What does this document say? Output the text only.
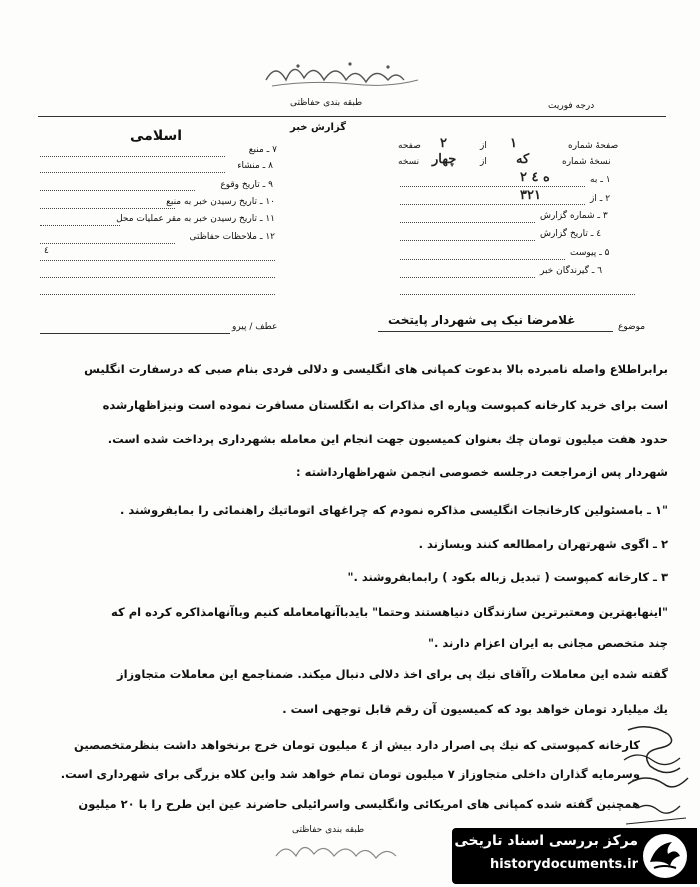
طبقه بندی حفاظتی	درجه فوریت
گزارش خبر
اسلامی
۷ ـ منبع
۸ ـ منشاء
۹ ـ تاریخ وقوع
۱۰ ـ تاریخ رسیدن خبر به منبع
۱۱ ـ تاریخ رسیدن خبر به مقر عملیات محل
۱۲ ـ ملاحظات حفاظتی
٤
صفحهٔ شماره
۱
از
۲
صفحه
نسخهٔ شماره
که
از
چهار
نسخه
۱ ـ به
۲ ه ٤
۲ ـ از
۳۲۱
۳ ـ شماره گزارش
٤ ـ تاریخ گزارش
۵ ـ پیوست
٦ ـ گیرندگان خبر
غلامرضا نیک پی شهردار پایتخت	موضوع
عطف / پیرو
برابراطلاع واصله نامبرده بالا بدعوت کمپانی های انگلیسی و دلالی فردی بنام صبی که درسفارت انگلیس
است برای خرید کارخانه کمپوست وپاره ای مذاکرات به انگلستان مسافرت نموده است ونیزاظهارشده
حدود هفت میلیون تومان چك بعنوان کمیسیون جهت انجام این معامله بشهرداری پرداخت شده است.
شهردار پس ازمراجعت درجلسه خصوصی انجمن شهراظهارداشته :
"۱ ـ بامسئولین کارخانجات انگلیسی مذاکره نمودم که چراغهای اتوماتیك راهنمائی را بمابفروشند .
۲ ـ اگوی شهرتهران رامطالعه کنند وبسازند .
۳ ـ کارخانه کمپوست ( تبدیل زباله بکود ) رابمابفروشند ."
"اینهابهترین ومعتبرترین سازندگان دنیاهستند وحتما" بایدباآنهامعامله کنیم وباآنهامذاکره کرده ام که
چند متخصص مجانی به ایران اعزام دارند ."
گفته شده این معاملات راآقای نیك پی برای اخذ دلالی دنبال میکند. ضمناجمع این معاملات متجاوزاز
یك میلیارد تومان خواهد بود که کمیسیون آن رقم قابل توجهی است .
کارخانه کمپوستی که نیك پی اصرار دارد بیش از ٤ میلیون تومان خرج برنخواهد داشت بنظرمتخصصین
وسرمایه گذاران داخلی متجاوزاز ۷ میلیون تومان تمام خواهد شد واین کلاه بزرگی برای شهرداری است.
همچنین گفته شده کمپانی های امریکائی وانگلیسی واسرائیلی حاضرند عین این طرح را با ۲۰ میلیون
طبقه بندی حفاظتی
مرکز بررسی اسناد تاریخی
historydocuments.ir
